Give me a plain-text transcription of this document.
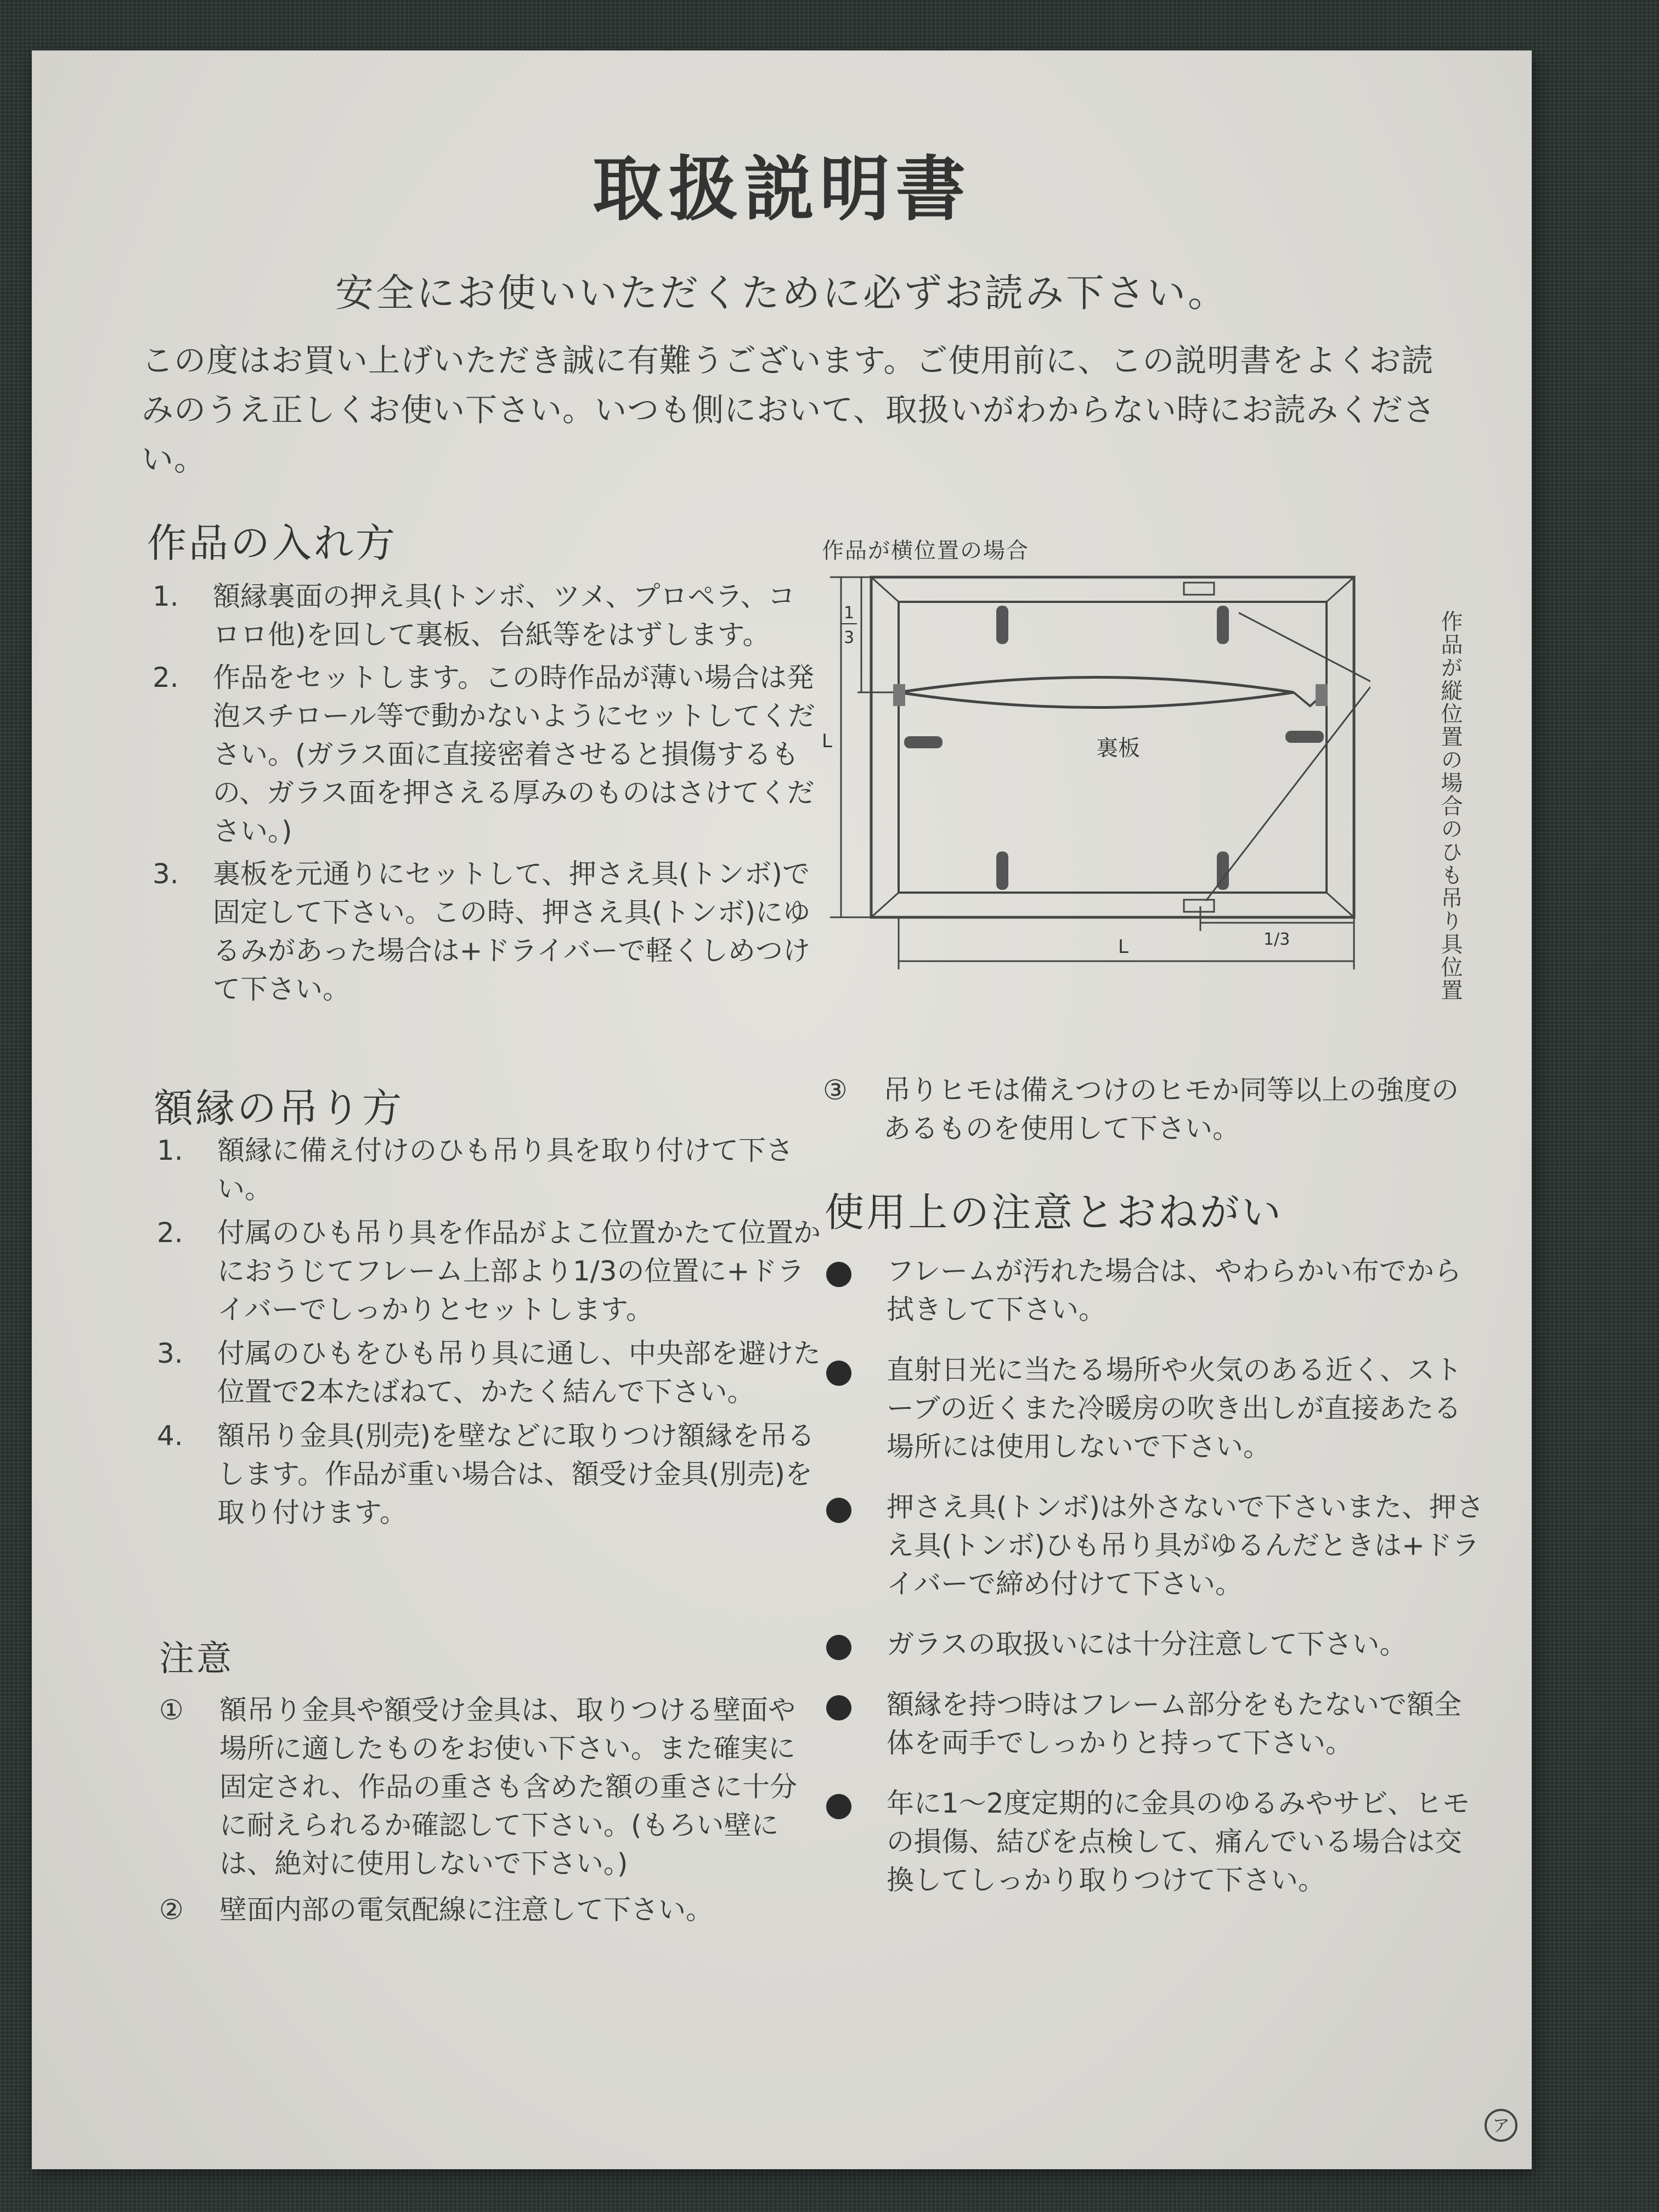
取扱説明書
安全にお使いいただくために必ずお読み下さい。
この度はお買い上げいただき誠に有難うございます。ご使用前に、この説明書をよくお読みのうえ正しくお使い下さい。いつも側において、取扱いがわからない時にお読みください。
作品の入れ方
1. 額縁裏面の押え具(トンボ、ツメ、プロペラ、コロロ他)を回して裏板、台紙等をはずします。
2. 作品をセットします。この時作品が薄い場合は発泡スチロール等で動かないようにセットしてください。(ガラス面に直接密着させると損傷するもの、ガラス面を押さえる厚みのものはさけてください。)
3. 裏板を元通りにセットして、押さえ具(トンボ)で固定して下さい。この時、押さえ具(トンボ)にゆるみがあった場合は+ドライバーで軽くしめつけて下さい。
作品が横位置の場合
裏板
1
3
L
L	1/3	作品が縦位置の場合のひも吊り具位置
額縁の吊り方
1. 額縁に備え付けのひも吊り具を取り付けて下さい。
2. 付属のひも吊り具を作品がよこ位置かたて位置かにおうじてフレーム上部より1/3の位置に+ドライバーでしっかりとセットします。
3. 付属のひもをひも吊り具に通し、中央部を避けた位置で2本たばねて、かたく結んで下さい。
4. 額吊り金具(別売)を壁などに取りつけ額縁を吊るします。作品が重い場合は、額受け金具(別売)を取り付けます。
注意
① 額吊り金具や額受け金具は、取りつける壁面や場所に適したものをお使い下さい。また確実に固定され、作品の重さも含めた額の重さに十分に耐えられるか確認して下さい。(もろい壁には、絶対に使用しないで下さい。)
② 壁面内部の電気配線に注意して下さい。
③ 吊りヒモは備えつけのヒモか同等以上の強度のあるものを使用して下さい。
使用上の注意とおねがい
フレームが汚れた場合は、やわらかい布でから拭きして下さい。
直射日光に当たる場所や火気のある近く、ストーブの近くまた冷暖房の吹き出しが直接あたる場所には使用しないで下さい。
押さえ具(トンボ)は外さないで下さいまた、押さえ具(トンボ)ひも吊り具がゆるんだときは+ドライバーで締め付けて下さい。
ガラスの取扱いには十分注意して下さい。
額縁を持つ時はフレーム部分をもたないで額全体を両手でしっかりと持って下さい。
年に1〜2度定期的に金具のゆるみやサビ、ヒモの損傷、結びを点検して、痛んでいる場合は交換してしっかり取りつけて下さい。
ア
